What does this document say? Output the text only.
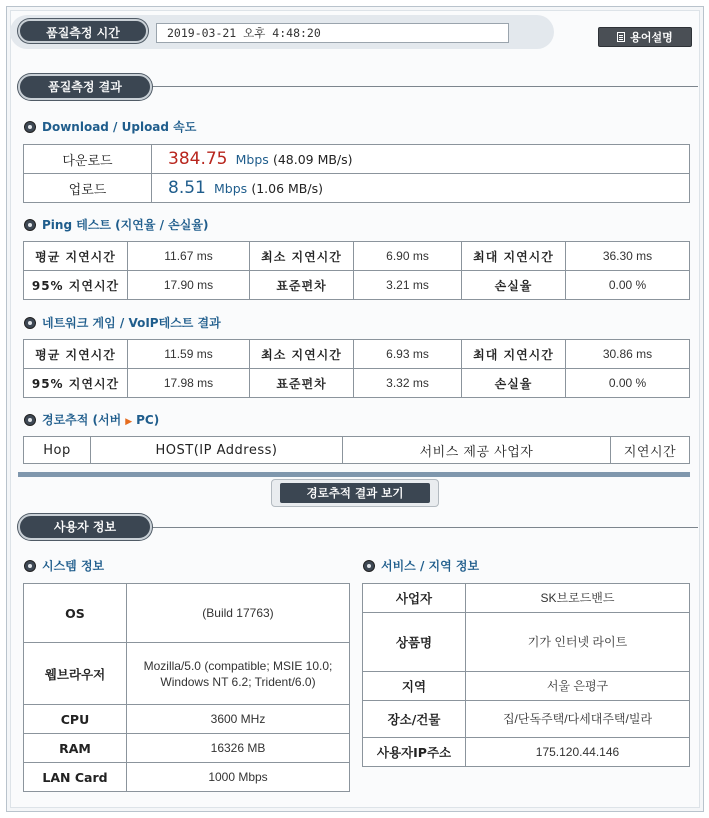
품질측정 시간	2019-03-21 오후 4:48:20	용어설명
품질측정 결과
Download / Upload 속도
다운로드	384.75 Mbps (48.09 MB/s)
업로드	8.51 Mbps (1.06 MB/s)
Ping 테스트 (지연율 / 손실율)
평균 지연시간	11.67 ms	최소 지연시간	6.90 ms	최대 지연시간	36.30 ms
95% 지연시간	17.90 ms	표준편차	3.21 ms	손실율	0.00 %
네트워크 게임 / VoIP테스트 결과
평균 지연시간	11.59 ms	최소 지연시간	6.93 ms	최대 지연시간	30.86 ms
95% 지연시간	17.98 ms	표준편차	3.32 ms	손실율	0.00 %
경로추적 (서버 ▶ PC)
Hop	HOST(IP Address)	서비스 제공 사업자	지연시간
경로추적 결과 보기
사용자 정보
시스템 정보
OS	(Build 17763)
웹브라우저	Mozilla/5.0 (compatible; MSIE 10.0; Windows NT 6.2; Trident/6.0)
CPU	3600 MHz
RAM	16326 MB
LAN Card	1000 Mbps
서비스 / 지역 정보
사업자	SK브로드밴드
상품명	기가 인터넷 라이트
지역	서울 은평구
장소/건물	집/단독주택/다세대주택/빌라
사용자IP주소	175.120.44.146
